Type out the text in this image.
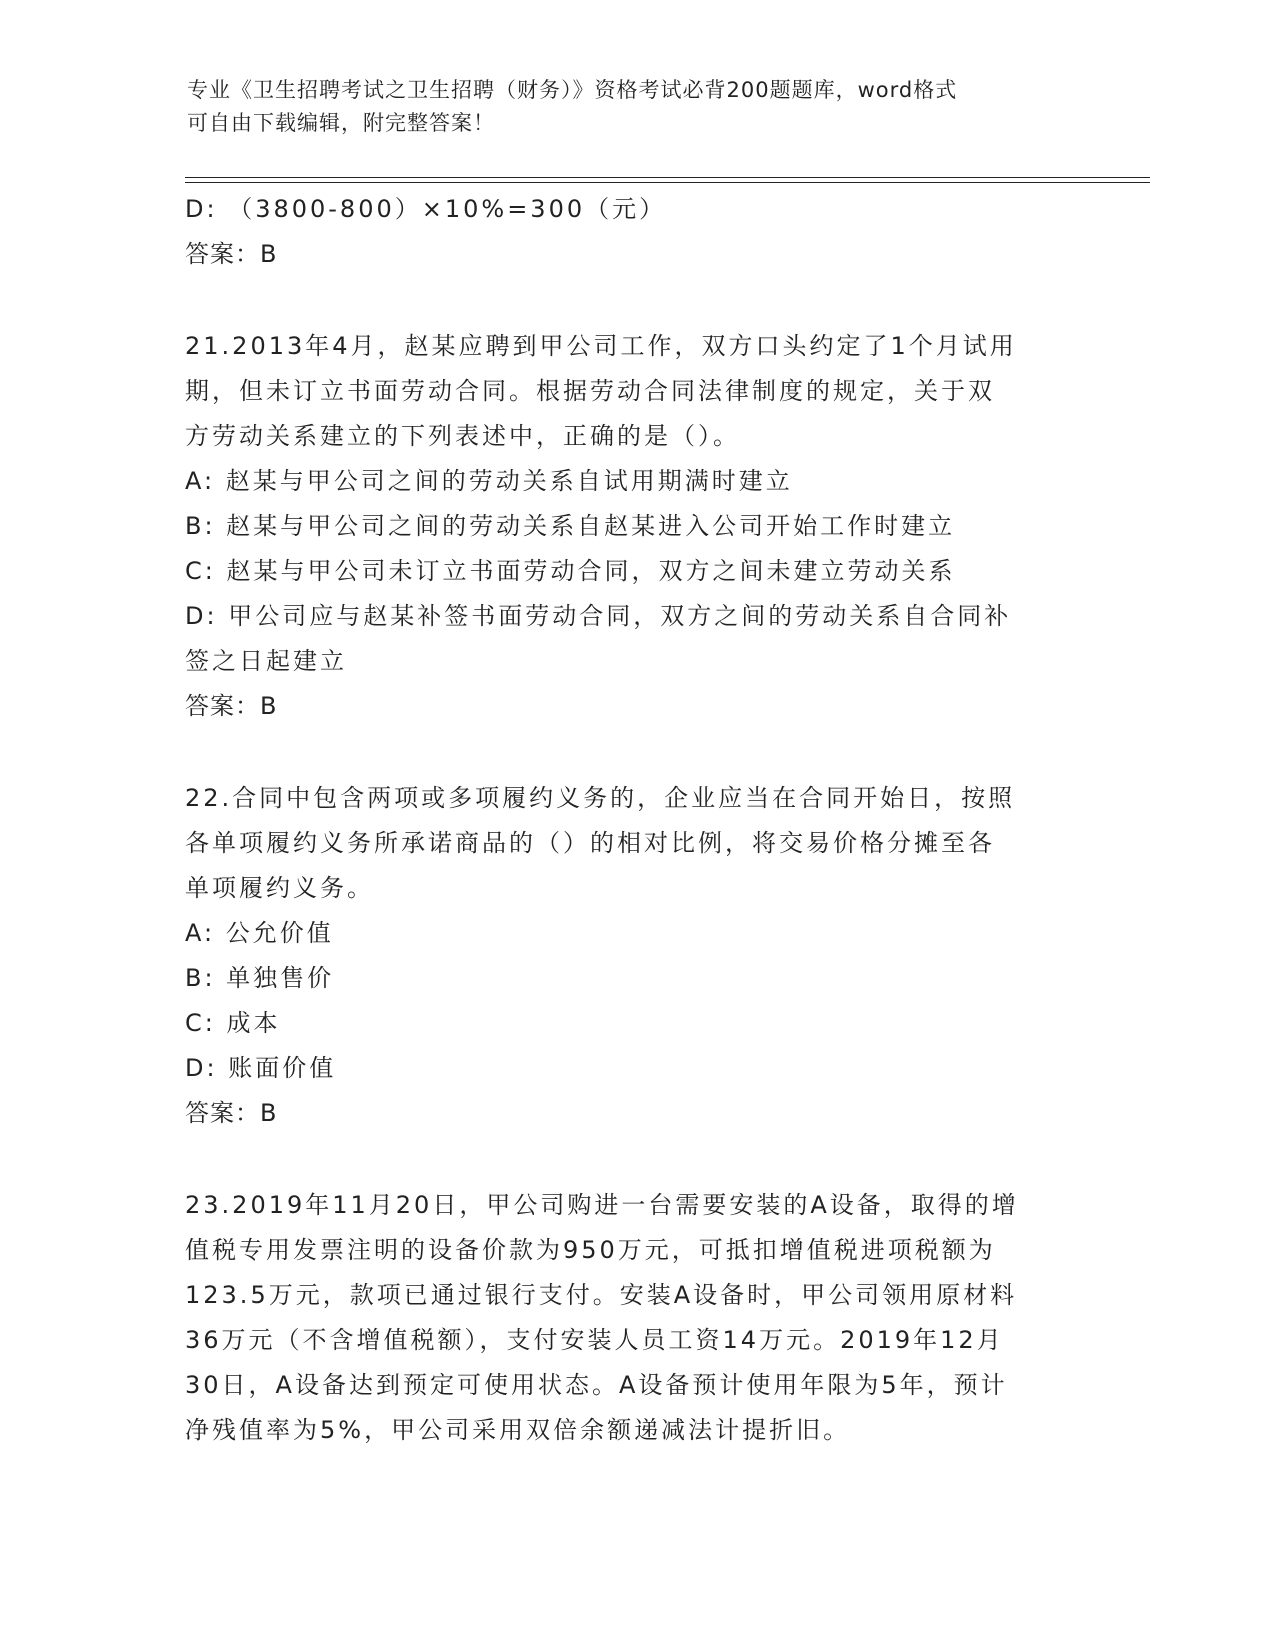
专业《卫生招聘考试之卫生招聘（财务）》资格考试必背200题题库，word格式
可自由下载编辑，附完整答案！
D: （3800-800）×10%=300（元）
答案：B
21.2013年4月，赵某应聘到甲公司工作，双方口头约定了1个月试用
期，但未订立书面劳动合同。根据劳动合同法律制度的规定，关于双
方劳动关系建立的下列表述中，正确的是（）。
A: 赵某与甲公司之间的劳动关系自试用期满时建立
B: 赵某与甲公司之间的劳动关系自赵某进入公司开始工作时建立
C: 赵某与甲公司未订立书面劳动合同，双方之间未建立劳动关系
D: 甲公司应与赵某补签书面劳动合同，双方之间的劳动关系自合同补
签之日起建立
答案：B
22.合同中包含两项或多项履约义务的，企业应当在合同开始日，按照
各单项履约义务所承诺商品的（）的相对比例，将交易价格分摊至各
单项履约义务。
A: 公允价值
B: 单独售价
C: 成本
D: 账面价值
答案：B
23.2019年11月20日，甲公司购进一台需要安装的A设备，取得的增
值税专用发票注明的设备价款为950万元，可抵扣增值税进项税额为
123.5万元，款项已通过银行支付。安装A设备时，甲公司领用原材料
36万元（不含增值税额），支付安装人员工资14万元。2019年12月
30日，A设备达到预定可使用状态。A设备预计使用年限为5年，预计
净残值率为5%，甲公司采用双倍余额递减法计提折旧。
